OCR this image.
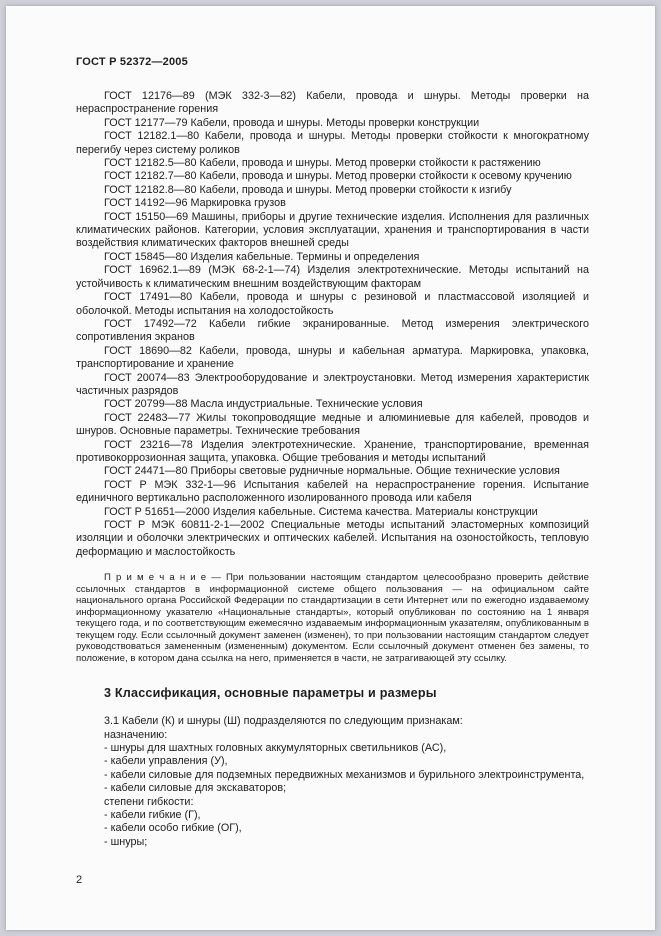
ГОСТ Р 52372—2005

ГОСТ 12176—89 (МЭК 332-3—82) Кабели, провода и шнуры. Методы проверки на нераспространение горения

ГОСТ 12177—79 Кабели, провода и шнуры. Методы проверки конструкции

ГОСТ 12182.1—80 Кабели, провода и шнуры. Методы проверки стойкости к многократному перегибу через систему роликов

ГОСТ 12182.5—80 Кабели, провода и шнуры. Метод проверки стойкости к растяжению

ГОСТ 12182.7—80 Кабели, провода и шнуры. Метод проверки стойкости к осевому кручению

ГОСТ 12182.8—80 Кабели, провода и шнуры. Метод проверки стойкости к изгибу

ГОСТ 14192—96 Маркировка грузов

ГОСТ 15150—69 Машины, приборы и другие технические изделия. Исполнения для различных климатических районов. Категории, условия эксплуатации, хранения и транспортирования в части воздействия климатических факторов внешней среды

ГОСТ 15845—80 Изделия кабельные. Термины и определения

ГОСТ 16962.1—89 (МЭК 68-2-1—74) Изделия электротехнические. Методы испытаний на устойчивость к климатическим внешним воздействующим факторам

ГОСТ 17491—80 Кабели, провода и шнуры с резиновой и пластмассовой изоляцией и оболочкой. Методы испытания на холодостойкость

ГОСТ 17492—72 Кабели гибкие экранированные. Метод измерения электрического сопротивления экранов

ГОСТ 18690—82 Кабели, провода, шнуры и кабельная арматура. Маркировка, упаковка, транспортирование и хранение

ГОСТ 20074—83 Электрооборудование и электроустановки. Метод измерения характеристик частичных разрядов

ГОСТ 20799—88 Масла индустриальные. Технические условия

ГОСТ 22483—77 Жилы токопроводящие медные и алюминиевые для кабелей, проводов и шнуров. Основные параметры. Технические требования

ГОСТ 23216—78 Изделия электротехнические. Хранение, транспортирование, временная противокоррозионная защита, упаковка. Общие требования и методы испытаний

ГОСТ 24471—80 Приборы световые рудничные нормальные. Общие технические условия

ГОСТ Р МЭК 332-1—96 Испытания кабелей на нераспространение горения. Испытание единичного вертикально расположенного изолированного провода или кабеля

ГОСТ Р 51651—2000 Изделия кабельные. Система качества. Материалы конструкции

ГОСТ Р МЭК 60811-2-1—2002 Специальные методы испытаний эластомерных композиций изоляции и оболочки электрических и оптических кабелей. Испытания на озоностойкость, тепловую деформацию и маслостойкость

П р и м е ч а н и е — При пользовании настоящим стандартом целесообразно проверить действие ссылочных стандартов в информационной системе общего пользования — на официальном сайте национального органа Российской Федерации по стандартизации в сети Интернет или по ежегодно издаваемому информационному указателю «Национальные стандарты», который опубликован по состоянию на 1 января текущего года, и по соответствующим ежемесячно издаваемым информационным указателям, опубликованным в текущем году. Если ссылочный документ заменен (изменен), то при пользовании настоящим стандартом следует руководствоваться замененным (измененным) документом. Если ссылочный документ отменен без замены, то положение, в котором дана ссылка на него, применяется в части, не затрагивающей эту ссылку.
3 Классификация, основные параметры и размеры

3.1 Кабели (К) и шнуры (Ш) подразделяются по следующим признакам:

назначению:

- шнуры для шахтных головных аккумуляторных светильников (АС),

- кабели управления (У),

- кабели силовые для подземных передвижных механизмов и бурильного электроинструмента,

- кабели силовые для экскаваторов;

степени гибкости:

- кабели гибкие (Г),

- кабели особо гибкие (ОГ),

- шнуры;

2
